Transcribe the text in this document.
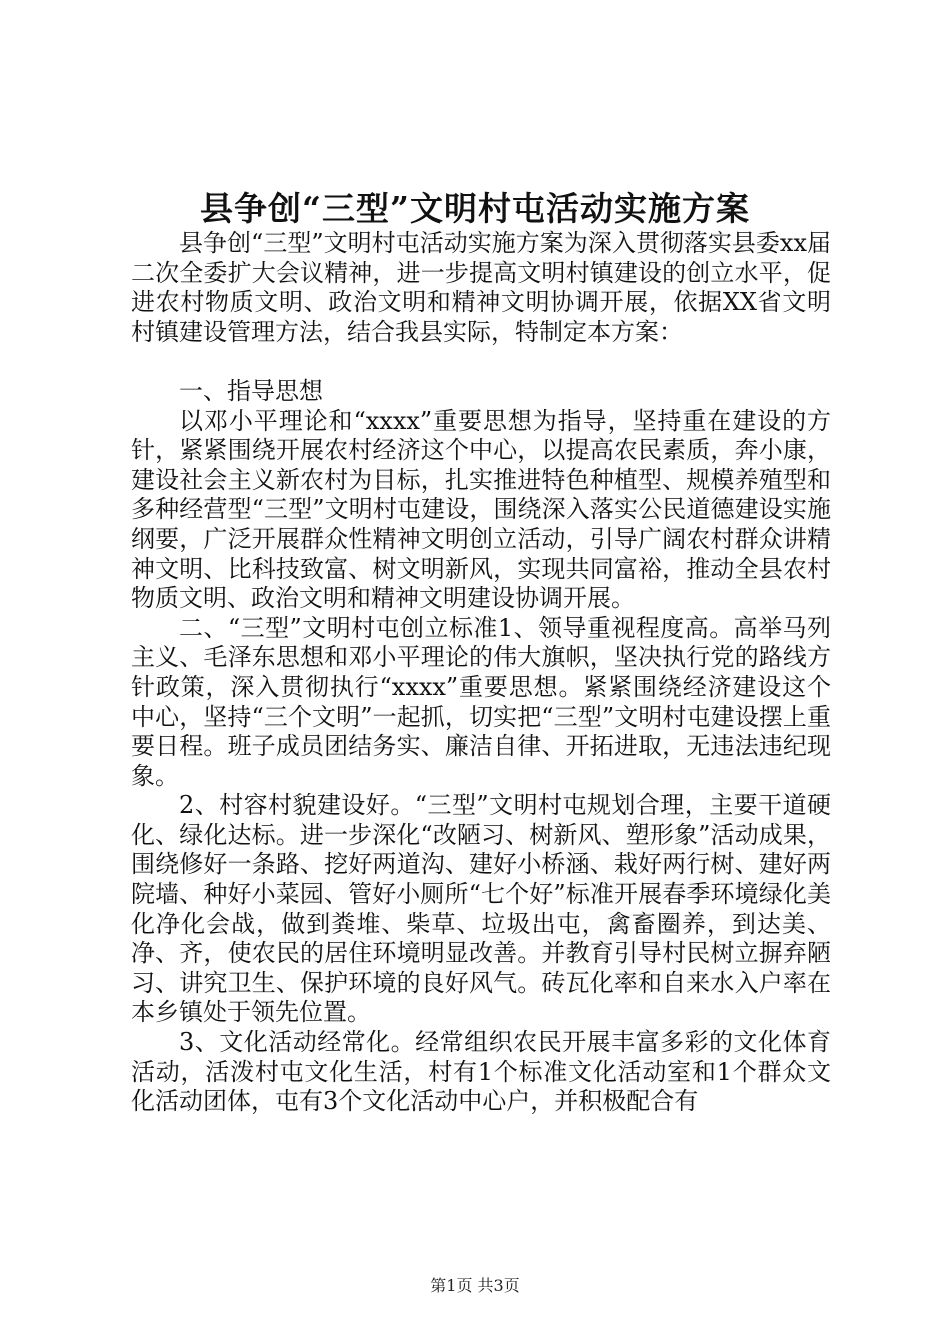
县争创“三型”文明村屯活动实施方案

县争创“三型”文明村屯活动实施方案为深入贯彻落实县委xx届二次全委扩大会议精神，进一步提高文明村镇建设的创立水平，促进农村物质文明、政治文明和精神文明协调开展，依据XX省文明村镇建设管理方法，结合我县实际，特制定本方案：

一、指导思想

以邓小平理论和“xxxx”重要思想为指导，坚持重在建设的方针，紧紧围绕开展农村经济这个中心，以提高农民素质，奔小康，建设社会主义新农村为目标，扎实推进特色种植型、规模养殖型和多种经营型“三型”文明村屯建设，围绕深入落实公民道德建设实施纲要，广泛开展群众性精神文明创立活动，引导广阔农村群众讲精神文明、比科技致富、树文明新风，实现共同富裕，推动全县农村物质文明、政治文明和精神文明建设协调开展。

二、“三型”文明村屯创立标准1、领导重视程度高。高举马列主义、毛泽东思想和邓小平理论的伟大旗帜，坚决执行党的路线方针政策，深入贯彻执行“xxxx”重要思想。紧紧围绕经济建设这个中心，坚持“三个文明”一起抓，切实把“三型”文明村屯建设摆上重要日程。班子成员团结务实、廉洁自律、开拓进取，无违法违纪现象。

2、村容村貌建设好。“三型”文明村屯规划合理，主要干道硬化、绿化达标。进一步深化“改陋习、树新风、塑形象”活动成果，围绕修好一条路、挖好两道沟、建好小桥涵、栽好两行树、建好两院墙、种好小菜园、管好小厕所“七个好”标准开展春季环境绿化美化净化会战，做到粪堆、柴草、垃圾出屯，禽畜圈养，到达美、净、齐，使农民的居住环境明显改善。并教育引导村民树立摒弃陋习、讲究卫生、保护环境的良好风气。砖瓦化率和自来水入户率在本乡镇处于领先位置。

3、文化活动经常化。经常组织农民开展丰富多彩的文化体育活动，活泼村屯文化生活，村有1个标准文化活动室和1个群众文化活动团体，屯有3个文化活动中心户，并积极配合有

第1页 共3页
